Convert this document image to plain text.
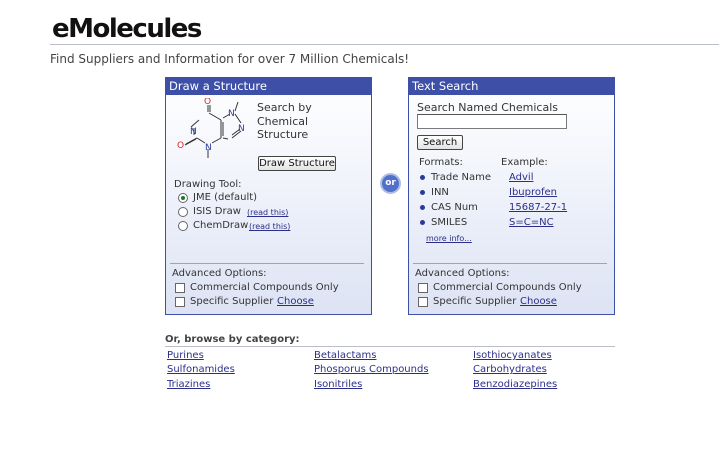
eMolecules
Find Suppliers and Information for over 7 Million Chemicals!
Draw a Structure
O
O
N
N
N
N
Search by
Chemical
Structure
Draw Structure
Drawing Tool:
JME (default)
ISIS Draw (read this)
ChemDraw (read this)
Advanced Options:
Commercial Compounds Only
Specific Supplier Choose
or
Text Search
Search Named Chemicals
Search
Formats:	Example:
Trade Name Advil
INN	Ibuprofen
CAS Num	15687-27-1
SMILES	S=C=NC
more info...
Advanced Options:
Commercial Compounds Only
Specific Supplier Choose
Or, browse by category:
Purines	Betalactams	Isothiocyanates
Sulfonamides	Phosporus Compounds	Carbohydrates
Triazines	Isonitriles	Benzodiazepines
